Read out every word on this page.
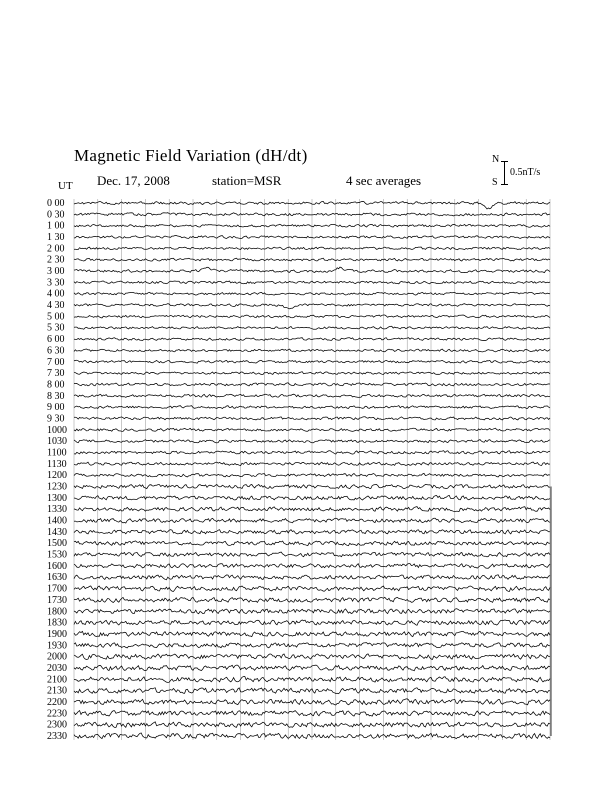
Magnetic Field Variation (dH/dt)
Dec. 17, 2008	station=MSR	4 sec averages
UT
N
S
0.5nT/s
0 00
0 30
1 00
1 30
2 00
2 30
3 00
3 30
4 00
4 30
5 00
5 30
6 00
6 30
7 00
7 30
8 00
8 30
9 00
9 30
1000
1030
1100
1130
1200
1230
1300
1330
1400
1430
1500
1530
1600
1630
1700
1730
1800
1830
1900
1930
2000
2030
2100
2130
2200
2230
2300
2330
